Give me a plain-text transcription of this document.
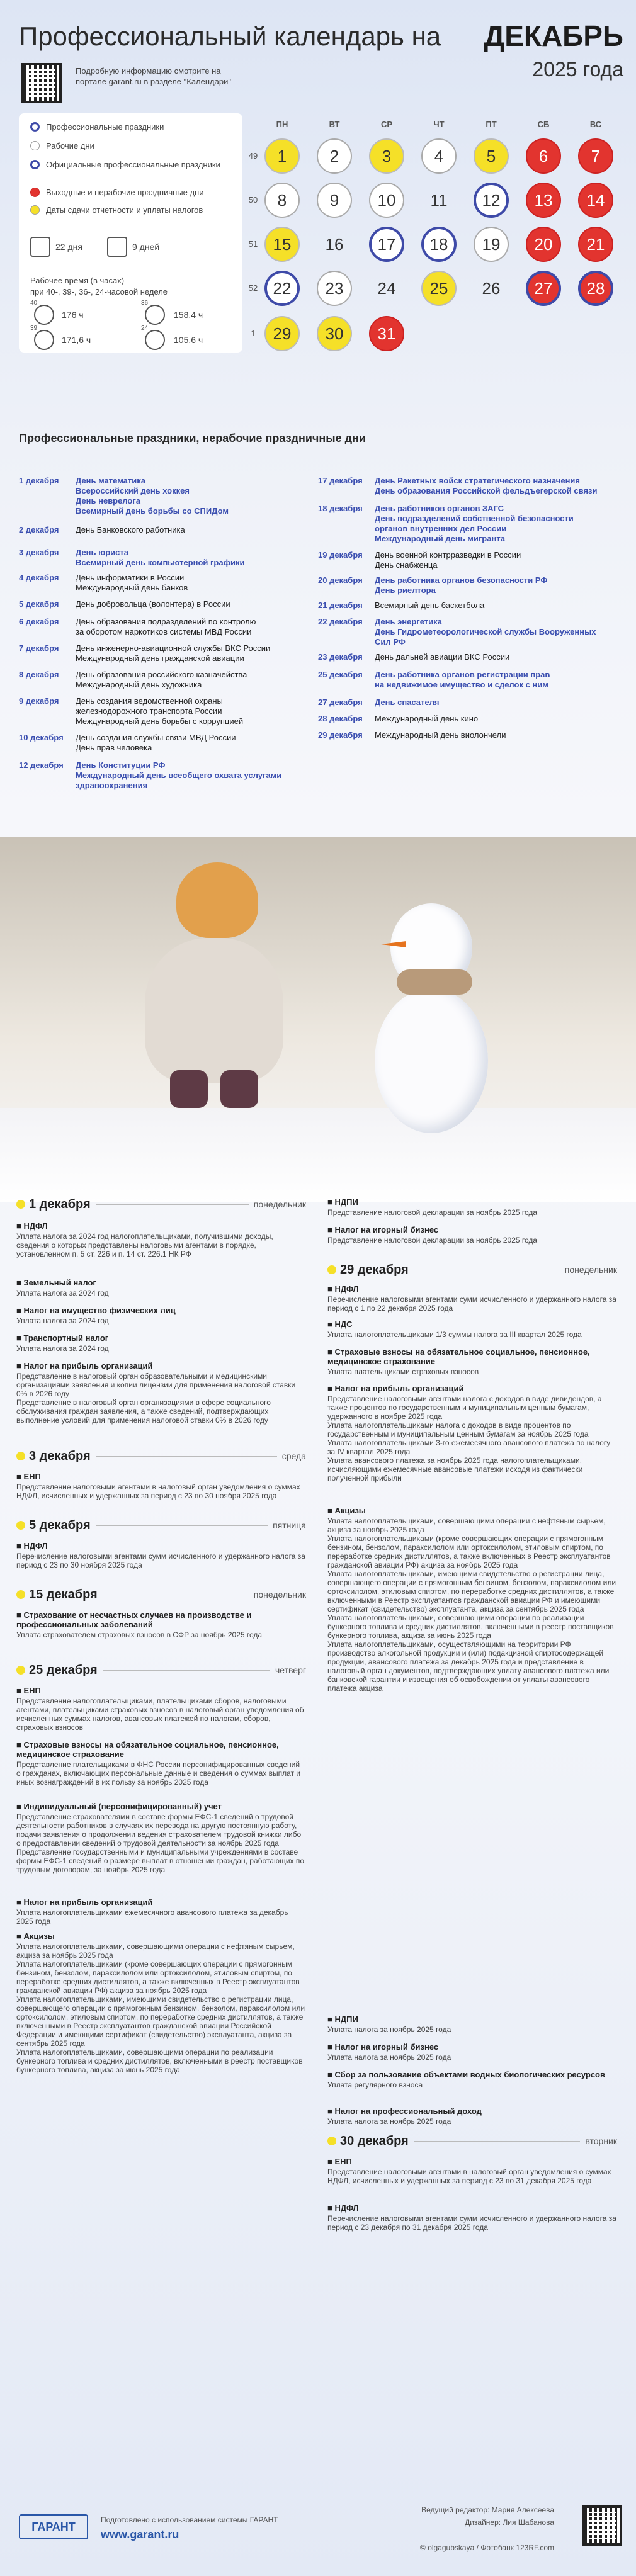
Профессиональный календарь на ДЕКАБРЬ
2025 года
Подробную информацию смотрите на портале garant.ru в разделе "Календари"
Профессиональные праздники
Рабочие дни
Официальные профессиональные праздники
Выходные и нерабочие праздничные дни
Даты сдачи отчетности и уплаты налогов
22 дня	9 дней
Рабочее время (в часах)
при 40-, 39-, 36-, 24-часовой неделе
40	36
39	24
176 ч	158,4 ч
171,6 ч	105,6 ч
ПН	ВТ	СР	ЧТ	ПТ	СБ	ВС
49	1	2	3	4	5	6	7
50	8	9	10	11	12	13	14
51 15	16	17	18	19	20	21
52 22	23	24	25	26	27	28
1	29	30	31
Профессиональные праздники, нерабочие праздничные дни
1 декабря	День математика
Всероссийский день хоккея
День неврелога
Всемирный день борьбы со СПИДом
2 декабря	День Банковского работника
3 декабря	День юриста
Всемирный день компьютерной графики
4 декабря	День информатики в России
Международный день банков
5 декабря	День добровольца (волонтера) в России
6 декабря	День образования подразделений по контролю
за оборотом наркотиков системы МВД России
7 декабря	День инженерно-авиационной службы ВКС России
Международный день гражданской авиации
8 декабря	День образования российского казначейства
Международный день художника
9 декабря	День создания ведомственной охраны
железнодорожного транспорта России
Международный день борьбы с коррупцией
10 декабря	День создания службы связи МВД России
День прав человека
12 декабря	День Конституции РФ
Международный день всеобщего охвата услугами
здравоохранения
17 декабря	День Ракетных войск стратегического назначения
День образования Российской фельдъегерской связи
18 декабря	День работников органов ЗАГС
День подразделений собственной безопасности
органов внутренних дел России
Международный день мигранта
19 декабря	День военной контрразведки в России
День снабженца
20 декабря	День работника органов безопасности РФ
День риелтора
21 декабря	Всемирный день баскетбола
22 декабря	День энергетика
День Гидрометеорологической службы Вооруженных
Сил РФ
23 декабря	День дальней авиации ВКС России
25 декабря	День работника органов регистрации прав
на недвижимое имущество и сделок с ним
27 декабря	День спасателя
28 декабря	Международный день кино
29 декабря	Международный день виолончели
1 декабря	понедельник
■ НДФЛ
Уплата налога за 2024 год налогоплательщиками, получившими доходы, сведения о которых представлены налоговыми агентами в порядке, установленном п. 5 ст. 226 и п. 14 ст. 226.1 НК РФ
■ Земельный налог
Уплата налога за 2024 год
■ Налог на имущество физических лиц
Уплата налога за 2024 год
■ Транспортный налог
Уплата налога за 2024 год
■ Налог на прибыль организаций
Представление в налоговый орган образовательными и медицинскими организациями заявления и копии лицензии для применения налоговой ставки 0% в 2026 году
Представление в налоговый орган организациями в сфере социального обслуживания граждан заявления, а также сведений, подтверждающих выполнение условий для применения налоговой ставки 0% в 2026 году
3 декабря	среда
■ ЕНП
Представление налоговыми агентами в налоговый орган уведомления о суммах НДФЛ, исчисленных и удержанных за период с 23 по 30 ноября 2025 года
5 декабря	пятница
■ НДФЛ
Перечисление налоговыми агентами сумм исчисленного и удержанного налога за период с 23 по 30 ноября 2025 года
15 декабря	понедельник
■ Страхование от несчастных случаев на производстве и профессиональных заболеваний
Уплата страхователем страховых взносов в СФР за ноябрь 2025 года
25 декабря	четверг
■ ЕНП
Представление налогоплательщиками, плательщиками сборов, налоговыми агентами, плательщиками страховых взносов в налоговый орган уведомления об исчисленных суммах налогов, авансовых платежей по налогам, сборов, страховых взносов
■ Страховые взносы на обязательное социальное, пенсионное, медицинское страхование
Представление плательщиками в ФНС России персонифицированных сведений о гражданах, включающих персональные данные и сведения о суммах выплат и иных вознаграждений в их пользу за ноябрь 2025 года
■ Индивидуальный (персонифицированный) учет
Представление страхователями в составе формы ЕФС-1 сведений о трудовой деятельности работников в случаях их перевода на другую постоянную работу, подачи заявления о продолжении ведения страхователем трудовой книжки либо о предоставлении сведений о трудовой деятельности за ноябрь 2025 года
Представление государственными и муниципальными учреждениями в составе формы ЕФС-1 сведений о размере выплат в отношении граждан, работающих по трудовым договорам, за ноябрь 2025 года
■ Налог на прибыль организаций
Уплата налогоплательщиками ежемесячного авансового платежа за декабрь 2025 года
■ Акцизы
Уплата налогоплательщиками, совершающими операции с нефтяным сырьем, акциза за ноябрь 2025 года
Уплата налогоплательщиками (кроме совершающих операции с прямогонным бензином, бензолом, параксилолом или ортоксилолом, этиловым спиртом, по переработке средних дистиллятов, а также включенных в Реестр эксплуатантов гражданской авиации РФ) акциза за ноябрь 2025 года
Уплата налогоплательщиками, имеющими свидетельство о регистрации лица, совершающего операции с прямогонным бензином, бензолом, параксилолом или ортоксилолом, этиловым спиртом, по переработке средних дистиллятов, а также включенными в Реестр эксплуатантов гражданской авиации Российской Федерации и имеющими сертификат (свидетельство) эксплуатанта, акциза за сентябрь 2025 года
Уплата налогоплательщиками, совершающими операции по реализации бункерного топлива и средних дистиллятов, включенными в реестр поставщиков бункерного топлива, акциза за июнь 2025 года
■ НДПИ
Представление налоговой декларации за ноябрь 2025 года
■ Налог на игорный бизнес
Представление налоговой декларации за ноябрь 2025 года
29 декабря	понедельник
■ НДФЛ
Перечисление налоговыми агентами сумм исчисленного и удержанного налога за период с 1 по 22 декабря 2025 года
■ НДС
Уплата налогоплательщиками 1/3 суммы налога за III квартал 2025 года
■ Страховые взносы на обязательное социальное, пенсионное, медицинское страхование
Уплата плательщиками страховых взносов
■ Налог на прибыль организаций
Представление налоговыми агентами налога с доходов в виде дивидендов, а также процентов по государственным и муниципальным ценным бумагам, удержанного в ноябре 2025 года
Уплата налогоплательщиками налога с доходов в виде процентов по государственным и муниципальным ценным бумагам за ноябрь 2025 года
Уплата налогоплательщиками 3-го ежемесячного авансового платежа по налогу за IV квартал 2025 года
Уплата авансового платежа за ноябрь 2025 года налогоплательщиками, исчисляющими ежемесячные авансовые платежи исходя из фактически полученной прибыли
■ Акцизы
Уплата налогоплательщиками, совершающими операции с нефтяным сырьем, акциза за ноябрь 2025 года
Уплата налогоплательщиками (кроме совершающих операции с прямогонным бензином, бензолом, параксилолом или ортоксилолом, этиловым спиртом, по переработке средних дистиллятов, а также включенных в Реестр эксплуатантов гражданской авиации РФ) акциза за ноябрь 2025 года
Уплата налогоплательщиками, имеющими свидетельство о регистрации лица, совершающего операции с прямогонным бензином, бензолом, параксилолом или ортоксилолом, этиловым спиртом, по переработке средних дистиллятов, а также включенными в Реестр эксплуатантов гражданской авиации РФ и имеющими сертификат (свидетельство) эксплуатанта, акциза за сентябрь 2025 года
Уплата налогоплательщиками, совершающими операции по реализации бункерного топлива и средних дистиллятов, включенными в реестр поставщиков бункерного топлива, акциза за июнь 2025 года
Уплата налогоплательщиками, осуществляющими на территории РФ производство алкогольной продукции и (или) подакцизной спиртосодержащей продукции, авансового платежа за декабрь 2025 года и представление в налоговый орган документов, подтверждающих уплату авансового платежа или банковской гарантии и извещения об освобождении от уплаты авансового платежа акциза
■ НДПИ
Уплата налога за ноябрь 2025 года
■ Налог на игорный бизнес
Уплата налога за ноябрь 2025 года
■ Сбор за пользование объектами водных биологических ресурсов
Уплата регулярного взноса
■ Налог на профессиональный доход
Уплата налога за ноябрь 2025 года
30 декабря	вторник
■ ЕНП
Представление налоговыми агентами в налоговый орган уведомления о суммах НДФЛ, исчисленных и удержанных за период с 23 по 31 декабря 2025 года
■ НДФЛ
Перечисление налоговыми агентами сумм исчисленного и удержанного налога за период с 23 декабря по 31 декабря 2025 года
ГАРАНТ
Подготовлено с использованием системы ГАРАНТ
www.garant.ru
Ведущий редактор: Мария Алексеева
Дизайнер: Лия Шабанова
© olgagubskaya / Фотобанк 123RF.com
